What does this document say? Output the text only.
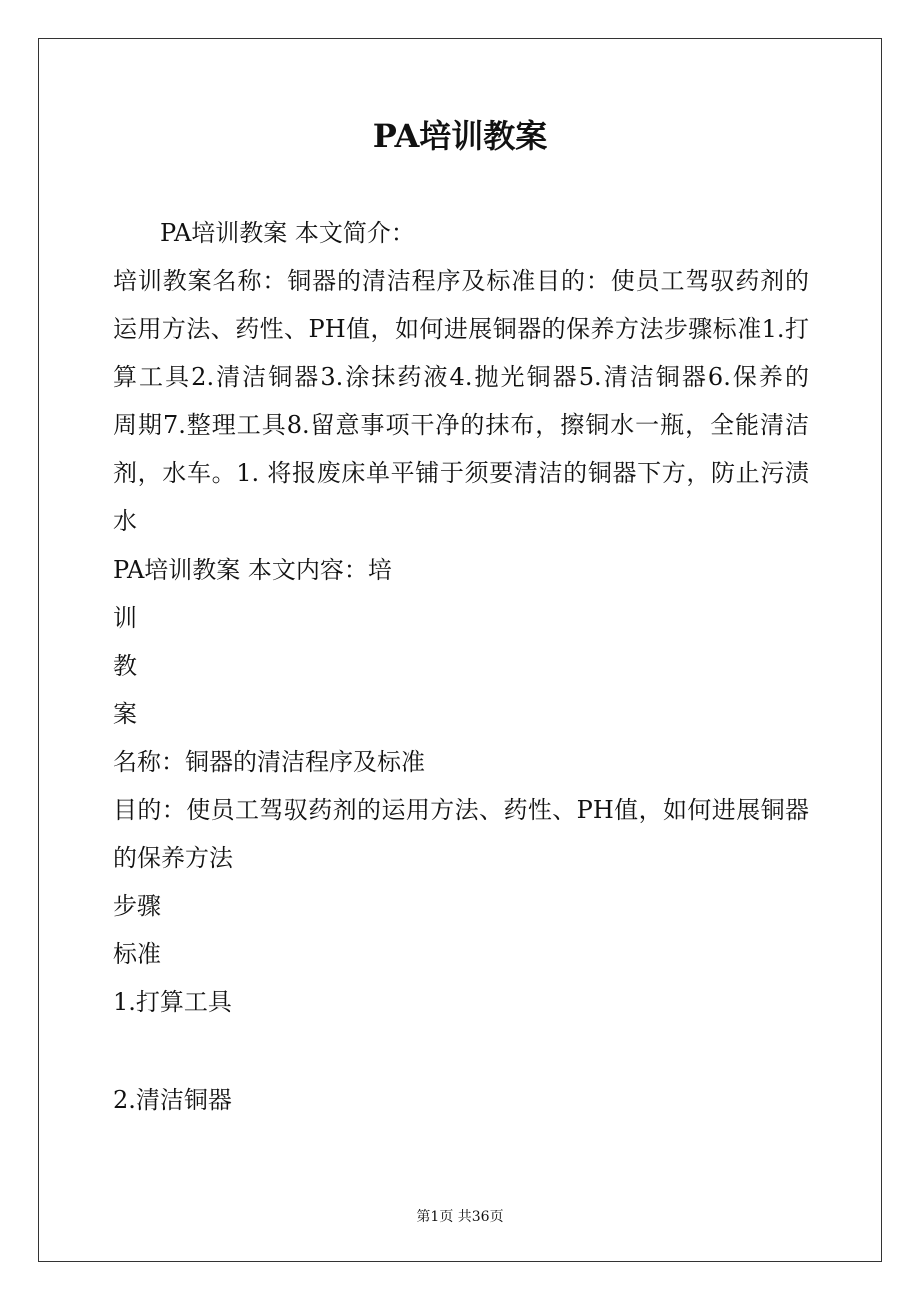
PA培训教案
PA培训教案 本文简介：
培训教案名称：铜器的清洁程序及标准目的：使员工驾驭药剂的
运用方法、药性、PH值，如何进展铜器的保养方法步骤标准1.打
算工具2.清洁铜器3.涂抹药液4.抛光铜器5.清洁铜器6.保养的
周期7.整理工具8.留意事项干净的抹布，擦铜水一瓶，全能清洁
剂，水车。1. 将报废床单平铺于须要清洁的铜器下方，防止污渍
水
PA培训教案 本文内容：培
训
教
案
名称：铜器的清洁程序及标准
目的：使员工驾驭药剂的运用方法、药性、PH值，如何进展铜器
的保养方法
步骤
标准
1.打算工具
2.清洁铜器
第1页 共36页
